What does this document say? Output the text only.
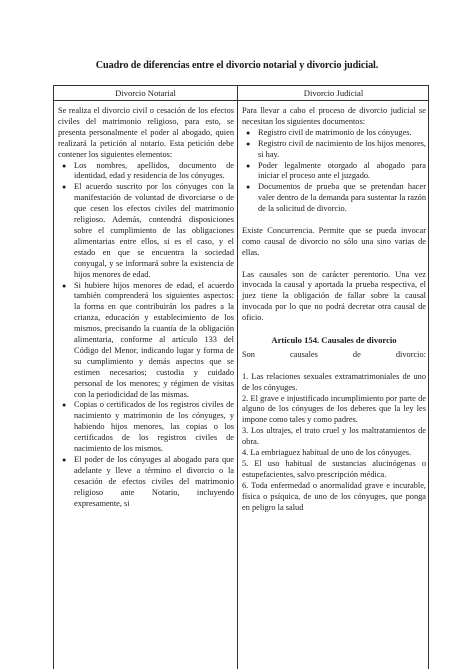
Cuadro de diferencias entre el divorcio notarial y divorcio judicial.
Divorcio Notarial	Divorcio Judicial

Se realiza el divorcio civil o cesación de los efectos civiles del matrimonio religioso, para esto, se presenta personalmente el poder al abogado, quien realizará la petición al notario. Esta petición debe contener los siguientes elementos:

● Los nombres, apellidos, documento de identidad, edad y residencia de los cónyuges.
● El acuerdo suscrito por los cónyuges con la manifestación de voluntad de divorciarse o de que cesen los efectos civiles del matrimonio religioso. Además, contendrá disposiciones sobre el cumplimiento de las obligaciones alimentarias entre ellos, si es el caso, y el estado en que se encuentra la sociedad conyugal, y se informará sobre la existencia de hijos menores de edad.
● Si hubiere hijos menores de edad, el acuerdo también comprenderá los siguientes aspectos: la forma en que contribuirán los padres a la crianza, educación y establecimiento de los mismos, precisando la cuantía de la obligación alimentaria, conforme al artículo 133 del Código del Menor, indicando lugar y forma de su cumplimiento y demás aspectos que se estimen necesarios; custodia y cuidado personal de los menores; y régimen de visitas con la periodicidad de las mismas.
● Copias o certificados de los registros civiles de nacimiento y matrimonio de los cónyuges, y habiendo hijos menores, las copias o los certificados de los registros civiles de nacimiento de los mismos.
● El poder de los cónyuges al abogado para que adelante y lleve a término el divorcio o la cesación de efectos civiles del matrimonio religioso ante Notario, incluyendo expresamente, si

Para llevar a cabo el proceso de divorcio judicial se necesitan los siguientes documentos:

● Registro civil de matrimonio de los cónyuges.
● Registro civil de nacimiento de los hijos menores, si hay.
● Poder legalmente otorgado al abogado para iniciar el proceso ante el juzgado.
● Documentos de prueba que se pretendan hacer valer dentro de la demanda para sustentar la razón de la solicitud de divorcio.

Existe Concurrencia. Permite que se pueda invocar como causal de divorcio no sólo una sino varias de ellas.

Las causales son de carácter perentorio. Una vez invocada la causal y aportada la prueba respectiva, el juez tiene la obligación de fallar sobre la causal invocada por lo que no podrá decretar otra causal de oficio.

Artículo 154. Causales de divorcio

Son causales de divorcio:

1. Las relaciones sexuales extramatrimoniales de uno de los cónyuges.

2. El grave e injustificado incumplimiento por parte de alguno de los cónyuges de los deberes que la ley les impone como tales y como padres.

3. Los ultrajes, el trato cruel y los maltratamientos de obra.

4. La embriaguez habitual de uno de los cónyuges.

5. El uso habitual de sustancias alucinógenas o estupefacientes, salvo prescripción médica.

6. Toda enfermedad o anormalidad grave e incurable, física o psíquica, de uno de los cónyuges, que ponga en peligro la salud
